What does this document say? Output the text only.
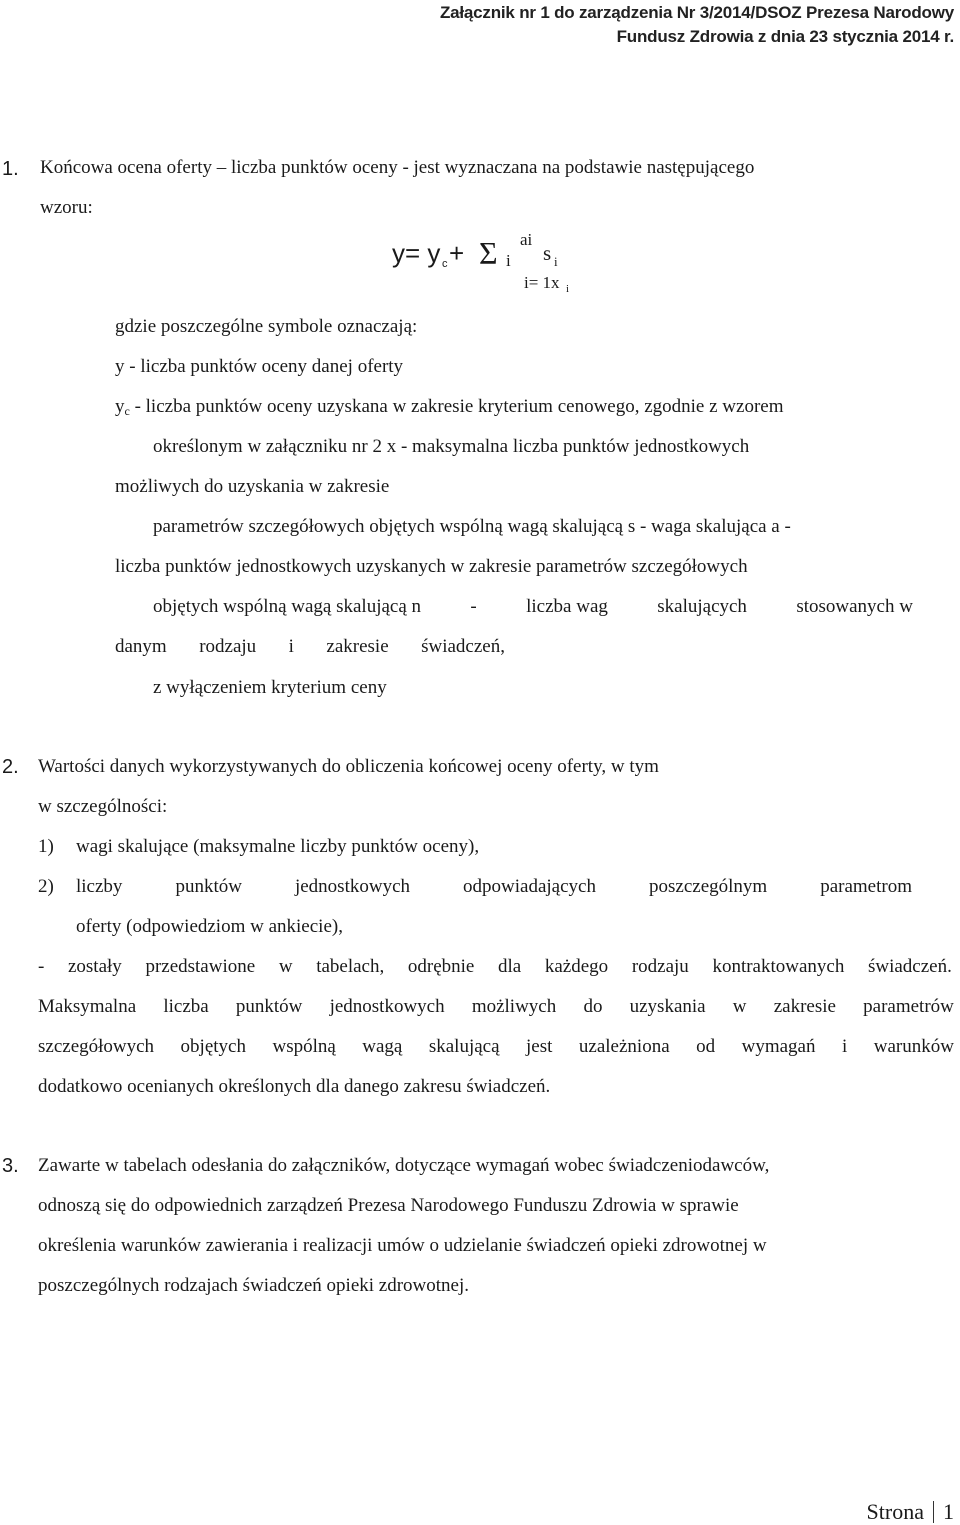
Załącznik nr 1 do zarządzenia Nr 3/2014/DSOZ Prezesa Narodowy
Fundusz Zdrowia z dnia 23 stycznia 2014 r.
1. Końcowa ocena oferty – liczba punktów oceny - jest wyznaczana na podstawie następującego
wzoru:
y= y c + Σ i
ai
s i
i= 1x i
gdzie poszczególne symbole oznaczają:
y - liczba punktów oceny danej oferty
$y_c$ - liczba punktów oceny uzyskana w zakresie kryterium cenowego, zgodnie z wzorem
określonym w załączniku nr 2 x - maksymalna liczba punktów jednostkowych
możliwych do uzyskania w zakresie
parametrów szczegółowych objętych wspólną wagą skalującą s - waga skalująca a -
liczba punktów jednostkowych uzyskanych w zakresie parametrów szczegółowych
objętych wspólną wagą skalującą n	-	liczba wag	skalujących	stosowanych w
danym rodzaju i zakresie świadczeń,
z wyłączeniem kryterium ceny
2. Wartości danych wykorzystywanych do obliczenia końcowej oceny oferty, w tym
w szczególności:
1) wagi skalujące (maksymalne liczby punktów oceny),
2) liczby	punktów	jednostkowych	odpowiadających	poszczególnym	parametrom
oferty (odpowiedziom w ankiecie),
- zostały przedstawione w tabelach, odrębnie dla każdego rodzaju kontraktowanych świadczeń.
Maksymalna liczba punktów jednostkowych możliwych do uzyskania w zakresie parametrów
szczegółowych objętych wspólną wagą skalującą jest uzależniona od wymagań i warunków
dodatkowo ocenianych określonych dla danego zakresu świadczeń.
3. Zawarte w tabelach odesłania do załączników, dotyczące wymagań wobec świadczeniodawców,
odnoszą się do odpowiednich zarządzeń Prezesa Narodowego Funduszu Zdrowia w sprawie
określenia warunków zawierania i realizacji umów o udzielanie świadczeń opieki zdrowotnej w
poszczególnych rodzajach świadczeń opieki zdrowotnej.
Strona 1
